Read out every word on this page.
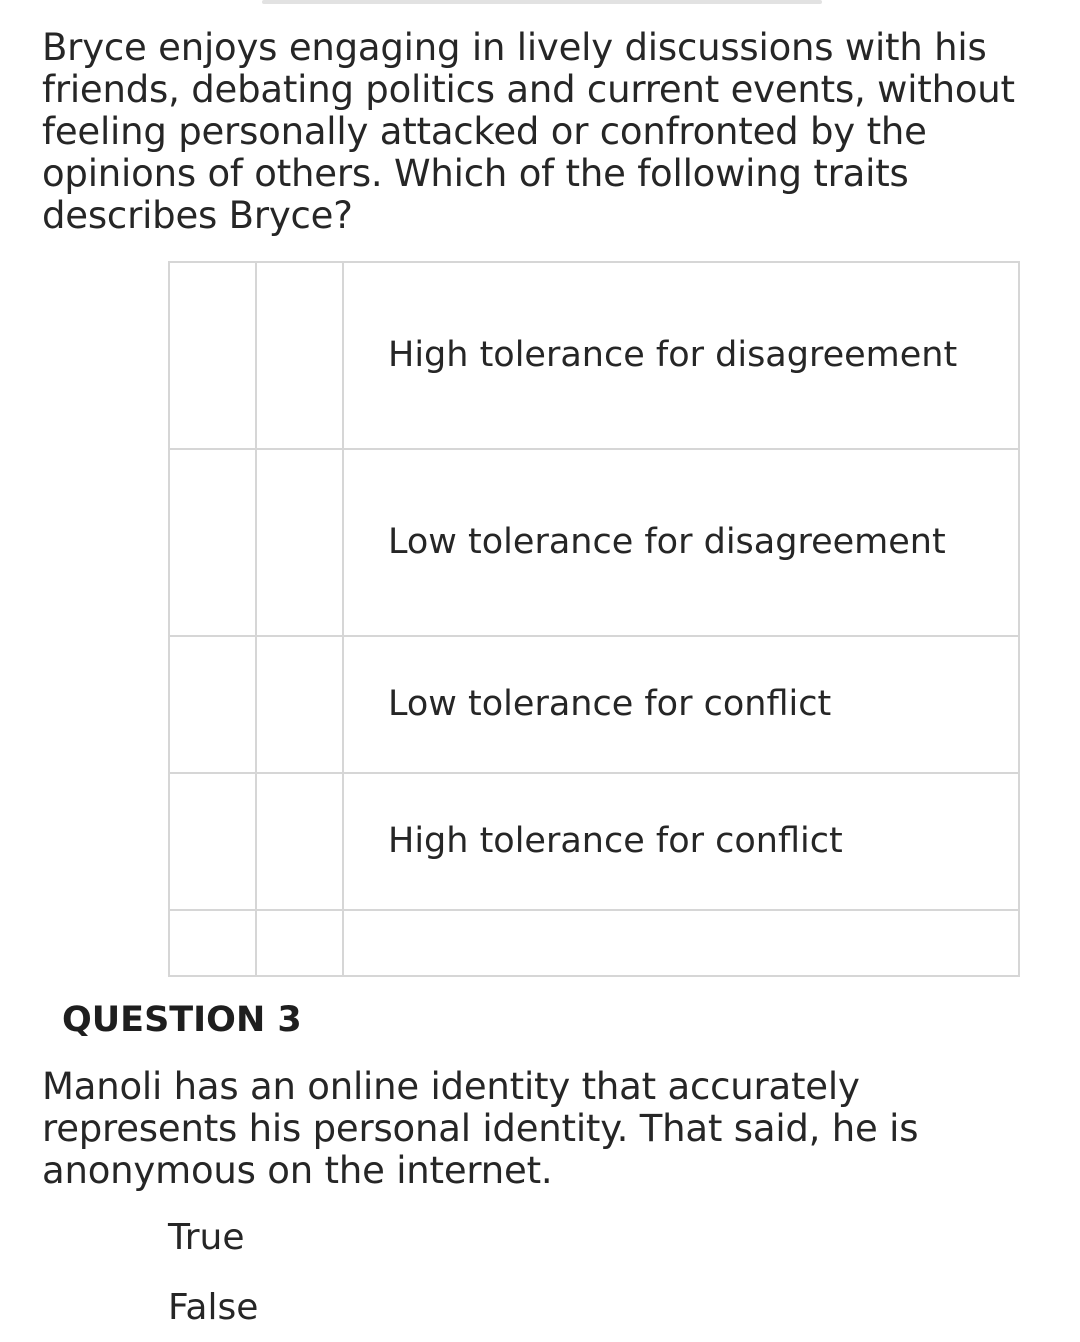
Bryce enjoys engaging in lively discussions with his friends, debating politics and current events, without feeling personally attacked or confronted by the opinions of others. Which of the following traits describes Bryce?

		High tolerance for disagreement

		Low tolerance for disagreement

		Low tolerance for conflict

		High tolerance for conflict

QUESTION 3

Manoli has an online identity that accurately represents his personal identity. That said, he is anonymous on the internet.

True
False
